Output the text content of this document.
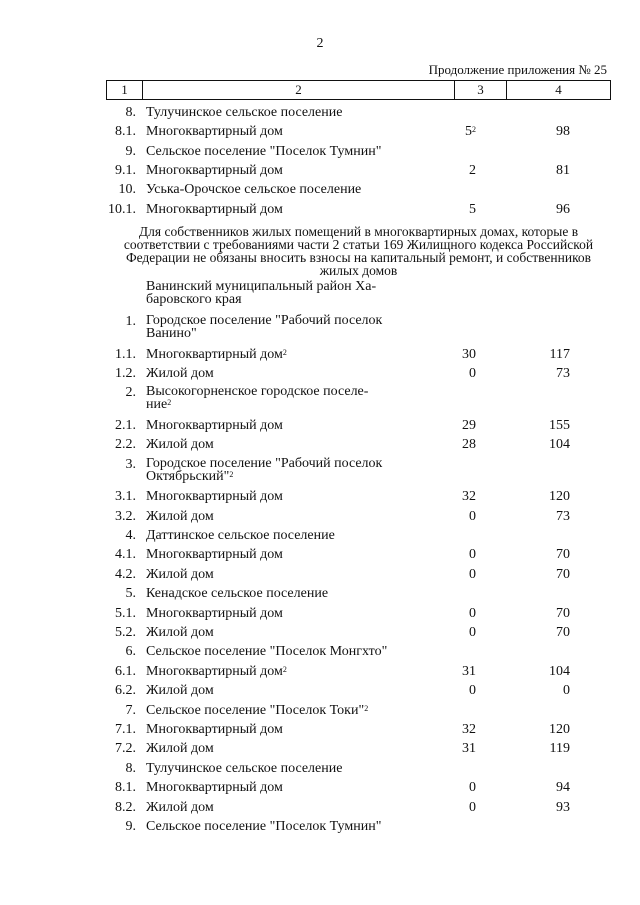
2
Продолжение приложения № 25
1	2	3	4
8. Тулучинское сельское поселение
8.1. Многоквартирный дом	$5^2$	98
9. Сельское поселение "Поселок Тумнин"
9.1. Многоквартирный дом	2	81
10. Уська-Орочское сельское поселение
10.1. Многоквартирный дом	5	96
Для собственников жилых помещений в многоквартирных домах, которые в соответствии с требованиями части 2 статьи 169 Жилищного кодекса Российской Федерации не обязаны вносить взносы на капитальный ремонт, и собственников жилых домов
Ванинский муниципальный район Ха-
баровского края
1. Городское поселение "Рабочий поселок
Ванино"
1.1. Многоквартирный дом$^2$	30	117
1.2. Жилой дом	0	73
2. Высокогорненское городское поселе-
ние$^2$
2.1. Многоквартирный дом	29	155
2.2. Жилой дом	28	104
3. Городское поселение "Рабочий поселок
Октябрьский"$^2$
3.1. Многоквартирный дом	32	120
3.2. Жилой дом	0	73
4. Даттинское сельское поселение
4.1. Многоквартирный дом	0	70
4.2. Жилой дом	0	70
5. Кенадское сельское поселение
5.1. Многоквартирный дом	0	70
5.2. Жилой дом	0	70
6. Сельское поселение "Поселок Монгхто"
6.1. Многоквартирный дом$^2$	31	104
6.2. Жилой дом	0	0
7. Сельское поселение "Поселок Токи"$^2$
7.1. Многоквартирный дом	32	120
7.2. Жилой дом	31	119
8. Тулучинское сельское поселение
8.1. Многоквартирный дом	0	94
8.2. Жилой дом	0	93
9. Сельское поселение "Поселок Тумнин"
